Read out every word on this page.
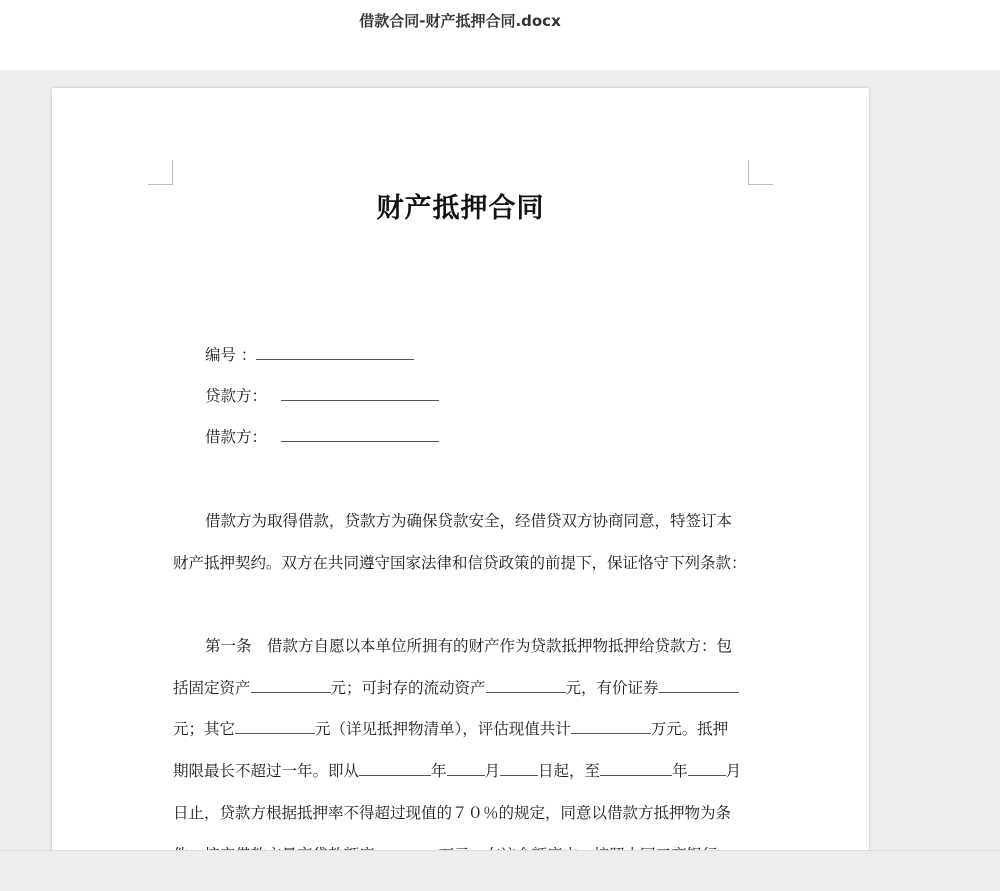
借款合同-财产抵押合同.docx
财产抵押合同
编号 ：
贷款方：
借款方：
借款方为取得借款，贷款方为确保贷款安全，经借贷双方协商同意，特签订本
财产抵押契约。双方在共同遵守国家法律和信贷政策的前提下，保证恪守下列条款：
第一条　借款方自愿以本单位所拥有的财产作为贷款抵押物抵押给贷款方：包
括固定资产	元；可封存的流动资产	元，有价证券
元；其它	元（详见抵押物清单），评估现值共计	万元。抵押
期限最长不超过一年。即从	年 月 日起，至	年 月
日止，贷款方根据抵押率不得超过现值的７０％的规定，同意以借款方抵押物为条
